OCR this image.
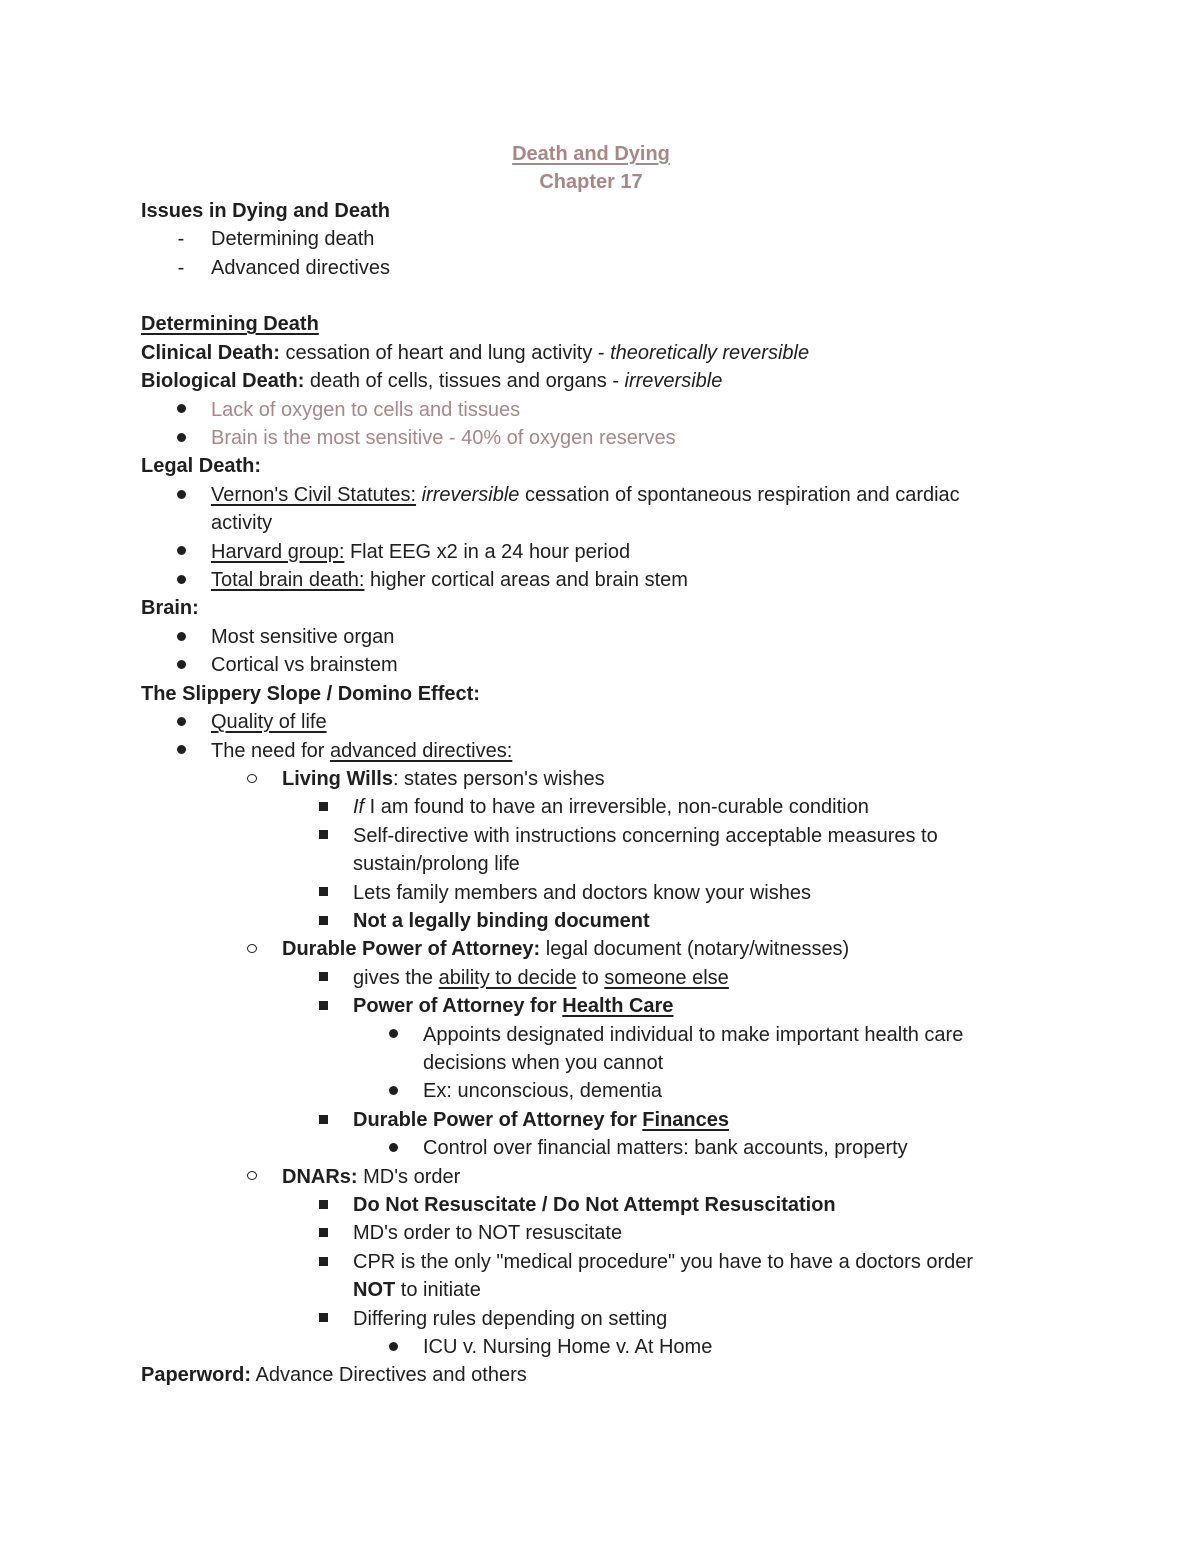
Death and Dying
Chapter 17
Issues in Dying and Death
-	Determining death
-	Advanced directives
Determining Death
Clinical Death: cessation of heart and lung activity - theoretically reversible
Biological Death: death of cells, tissues and organs - irreversible
Lack of oxygen to cells and tissues
Brain is the most sensitive - 40% of oxygen reserves
Legal Death:
Vernon's Civil Statutes: irreversible cessation of spontaneous respiration and cardiac
activity
Harvard group: Flat EEG x2 in a 24 hour period
Total brain death: higher cortical areas and brain stem
Brain:
Most sensitive organ
Cortical vs brainstem
The Slippery Slope / Domino Effect:
Quality of life
The need for advanced directives:
Living Wills: states person's wishes
If I am found to have an irreversible, non-curable condition
Self-directive with instructions concerning acceptable measures to
sustain/prolong life
Lets family members and doctors know your wishes
Not a legally binding document
Durable Power of Attorney: legal document (notary/witnesses)
gives the ability to decide to someone else
Power of Attorney for Health Care
Appoints designated individual to make important health care
decisions when you cannot
Ex: unconscious, dementia
Durable Power of Attorney for Finances
Control over financial matters: bank accounts, property
DNARs: MD's order
Do Not Resuscitate / Do Not Attempt Resuscitation
MD's order to NOT resuscitate
CPR is the only "medical procedure" you have to have a doctors order
NOT to initiate
Differing rules depending on setting
ICU v. Nursing Home v. At Home
Paperword: Advance Directives and others
